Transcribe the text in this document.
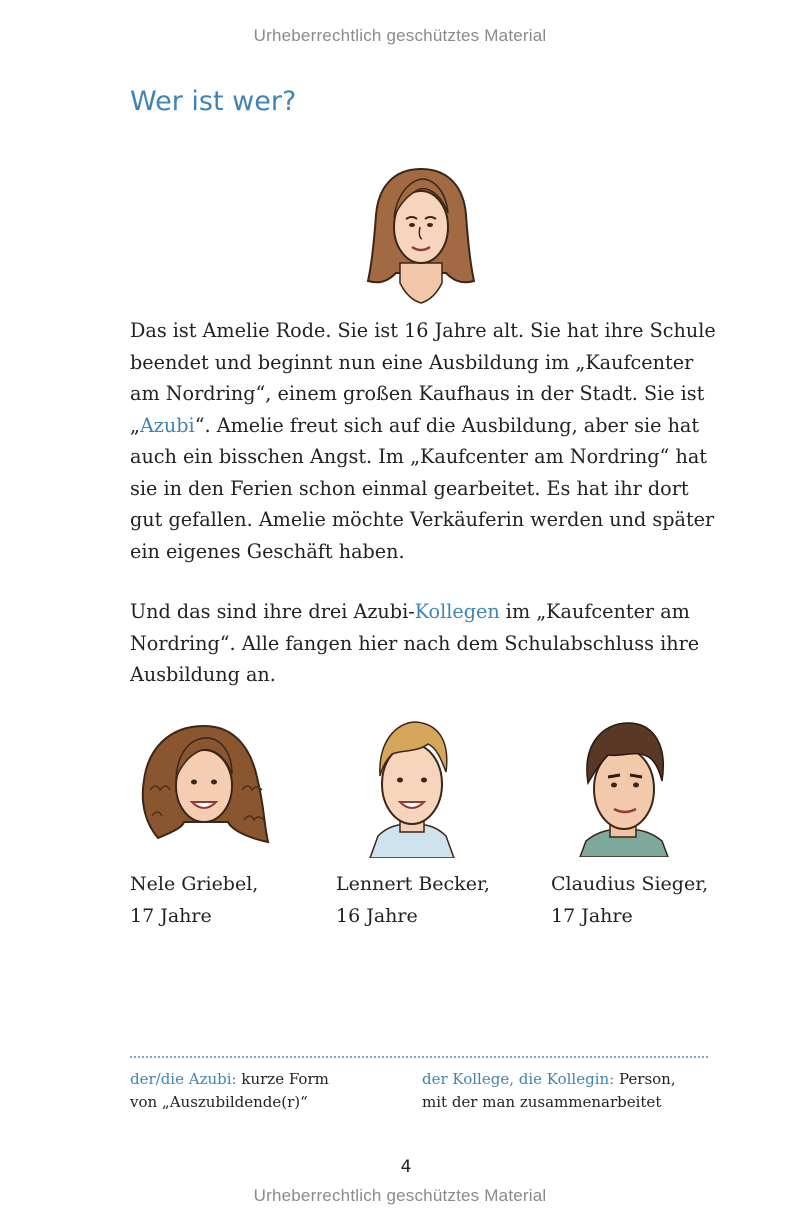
Urheberrechtlich geschütztes Material
Wer ist wer?

Das ist Amelie Rode. Sie ist 16 Jahre alt. Sie hat ihre Schule beendet und beginnt nun eine Ausbildung im „Kaufcenter am Nordring“, einem großen Kaufhaus in der Stadt. Sie ist „Azubi“. Amelie freut sich auf die Ausbildung, aber sie hat auch ein bisschen Angst. Im „Kaufcenter am Nordring“ hat sie in den Ferien schon einmal gearbeitet. Es hat ihr dort gut gefallen. Amelie möchte Verkäuferin werden und später ein eigenes Geschäft haben.

Und das sind ihre drei Azubi-Kollegen im „Kaufcenter am Nordring“. Alle fangen hier nach dem Schulabschluss ihre Ausbildung an.

Nele Griebel,
17 Jahre

Lennert Becker,
16 Jahre

Claudius Sieger,
17 Jahre

der/die Azubi: kurze Form
von „Auszubildende(r)“

der Kollege, die Kollegin: Person,
mit der man zusammenarbeitet

4
Urheberrechtlich geschütztes Material
